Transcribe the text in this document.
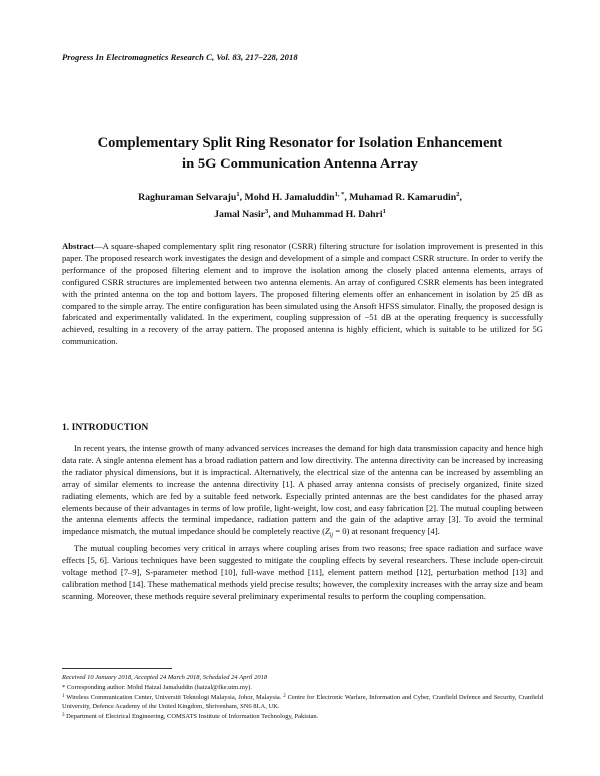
Progress In Electromagnetics Research C, Vol. 83, 217–228, 2018
Complementary Split Ring Resonator for Isolation Enhancement
in 5G Communication Antenna Array
Raghuraman Selvaraju$^1$, Mohd H. Jamaluddin$^{1, *}$, Muhamad R. Kamarudin$^2$,
Jamal Nasir$^3$, and Muhammad H. Dahri$^1$
Abstract—A square-shaped complementary split ring resonator (CSRR) filtering structure for isolation improvement is presented in this paper. The proposed research work investigates the design and development of a simple and compact CSRR structure. In order to verify the performance of the proposed filtering element and to improve the isolation among the closely placed antenna elements, arrays of configured CSRR structures are implemented between two antenna elements. An array of configured CSRR elements has been integrated with the printed antenna on the top and bottom layers. The proposed filtering elements offer an enhancement in isolation by 25 dB as compared to the simple array. The entire configuration has been simulated using the Ansoft HFSS simulator. Finally, the proposed design is fabricated and experimentally validated. In the experiment, coupling suppression of −51 dB at the operating frequency is successfully achieved, resulting in a recovery of the array pattern. The proposed antenna is highly efficient, which is suitable to be utilized for 5G communication.
1. INTRODUCTION

In recent years, the intense growth of many advanced services increases the demand for high data transmission capacity and hence high data rate. A single antenna element has a broad radiation pattern and low directivity. The antenna directivity can be increased by increasing the radiator physical dimensions, but it is impractical. Alternatively, the electrical size of the antenna can be increased by assembling an array of similar elements to increase the antenna directivity [1]. A phased array antenna consists of precisely organized, finite sized radiating elements, which are fed by a suitable feed network. Especially printed antennas are the best candidates for the phased array elements because of their advantages in terms of low profile, light-weight, low cost, and easy fabrication [2]. The mutual coupling between the antenna elements affects the terminal impedance, radiation pattern and the gain of the adaptive array [3]. To avoid the terminal impedance mismatch, the mutual impedance should be completely reactive $(Z_{ij} = 0)$ at resonant frequency [4].

The mutual coupling becomes very critical in arrays where coupling arises from two reasons; free space radiation and surface wave effects [5, 6]. Various techniques have been suggested to mitigate the coupling effects by several researchers. These include open-circuit voltage method [7–9], S-parameter method [10], full-wave method [11], element pattern method [12], perturbation method [13] and calibration method [14]. These mathematical methods yield precise results; however, the complexity increases with the array size and beam scanning. Moreover, these methods require several preliminary experimental results to perform the coupling compensation.

Received 10 January 2018, Accepted 24 March 2018, Scheduled 24 April 2018
* Corresponding author: Mohd Haizal Jamaluddin (haizal@fke.utm.my).
$^1$ Wireless Communication Center, Universiti Teknologi Malaysia, Johor, Malaysia. $^2$ Centre for Electronic Warfare, Information and Cyber, Cranfield Defence and Security, Cranfield University, Defence Academy of the United Kingdom, Shrivenham, SN6 8LA, UK.
$^3$ Department of Electrical Engineering, COMSATS Institute of Information Technology, Pakistan.
